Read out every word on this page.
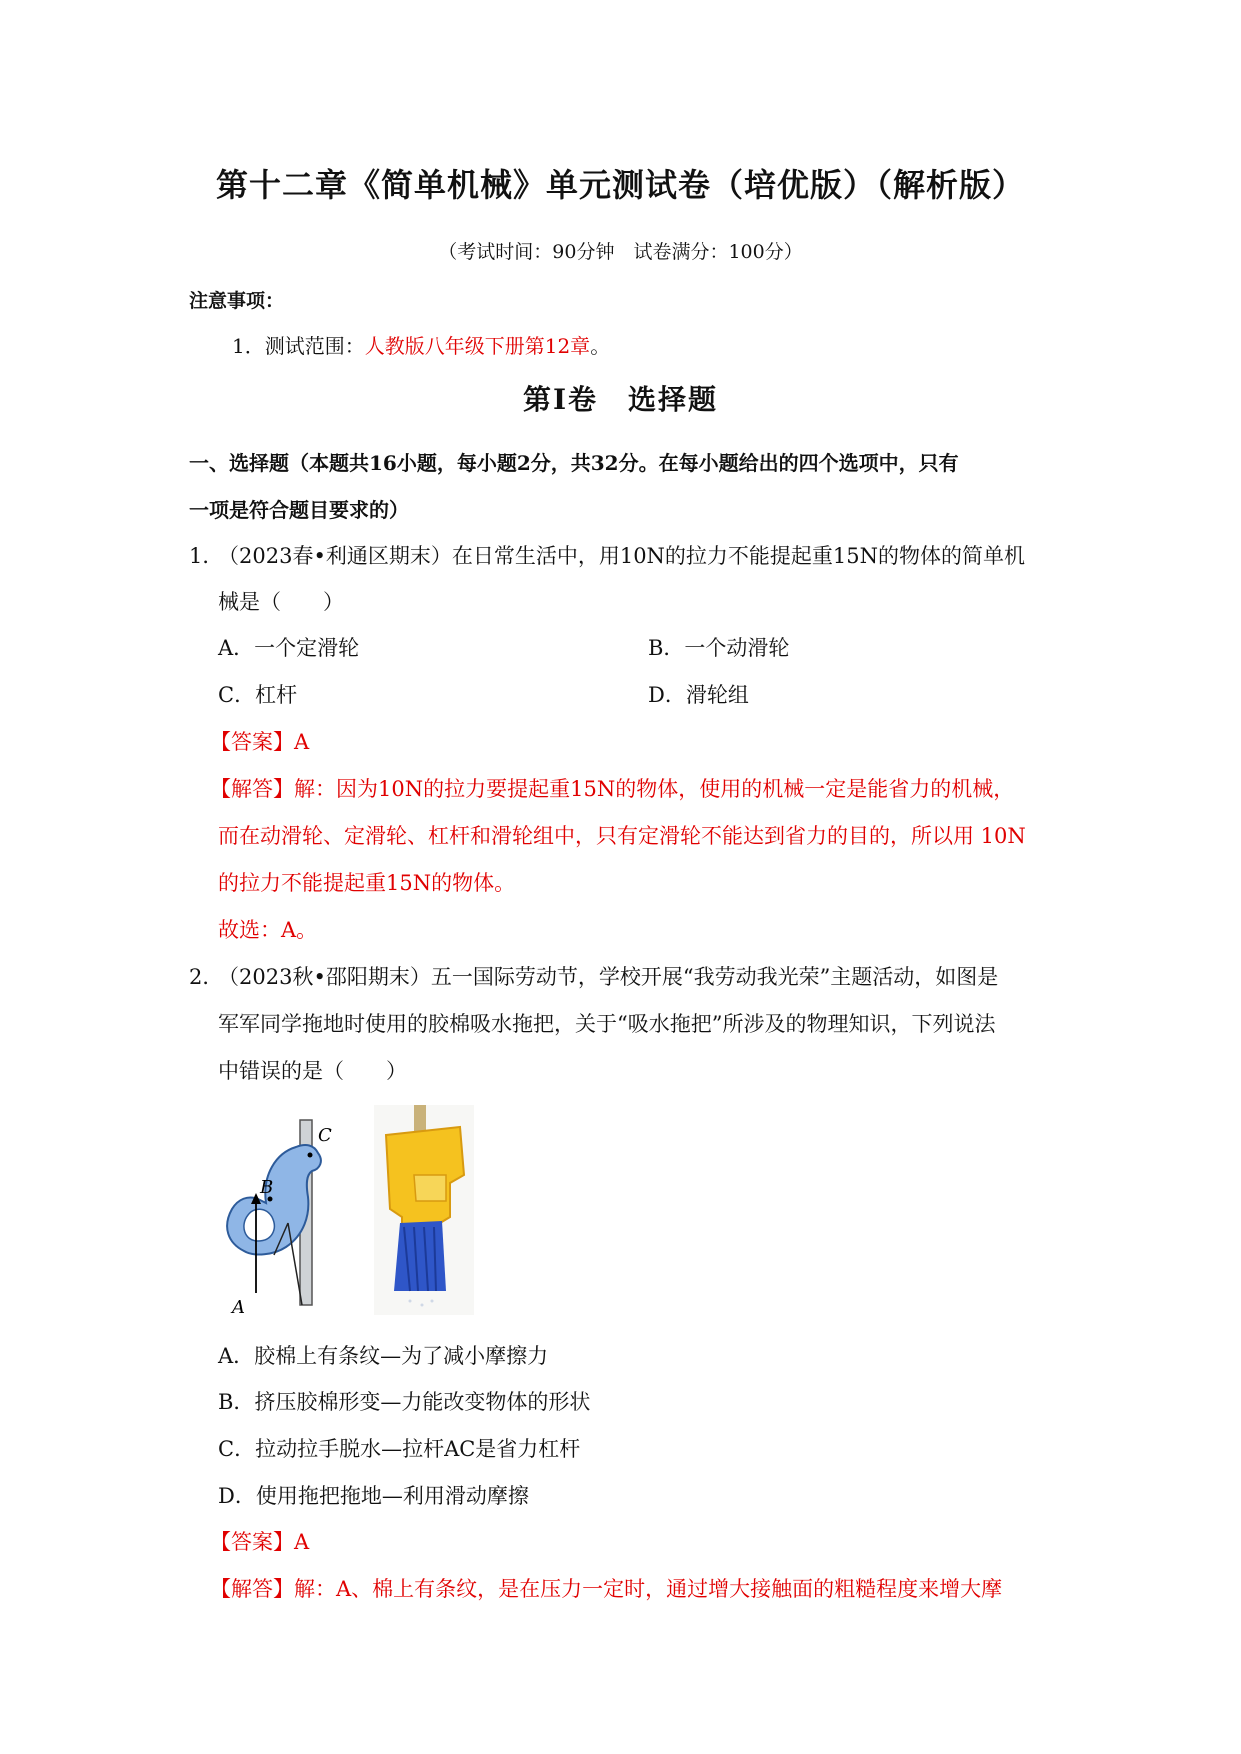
第十二章《简单机械》单元测试卷（培优版）（解析版）
（考试时间：90分钟　试卷满分：100分）
注意事项：
1．测试范围：人教版八年级下册第12章。
第Ⅰ卷　选择题
一、选择题（本题共16小题，每小题2分，共32分。在每小题给出的四个选项中，只有
一项是符合题目要求的）
1．
（2023春•利通区期末）在日常生活中，用10N的拉力不能提起重15N的物体的简单机
械是（　　）
A．一个定滑轮	B．一个动滑轮
C．杠杆	D．滑轮组
【答案】A
【解答】解：因为10N的拉力要提起重15N的物体，使用的机械一定是能省力的机械，
而在动滑轮、定滑轮、杠杆和滑轮组中，只有定滑轮不能达到省力的目的，所以用 10N
的拉力不能提起重15N的物体。
故选：A。
2．
（2023秋•邵阳期末）五一国际劳动节，学校开展“我劳动我光荣”主题活动，如图是
军军同学拖地时使用的胶棉吸水拖把，关于“吸水拖把”所涉及的物理知识，下列说法
中错误的是（　　）
B
C
A
A．胶棉上有条纹—为了减小摩擦力
B．挤压胶棉形变—力能改变物体的形状
C．拉动拉手脱水—拉杆AC是省力杠杆
D．使用拖把拖地—利用滑动摩擦
【答案】A
【解答】解：A、棉上有条纹，是在压力一定时，通过增大接触面的粗糙程度来增大摩
